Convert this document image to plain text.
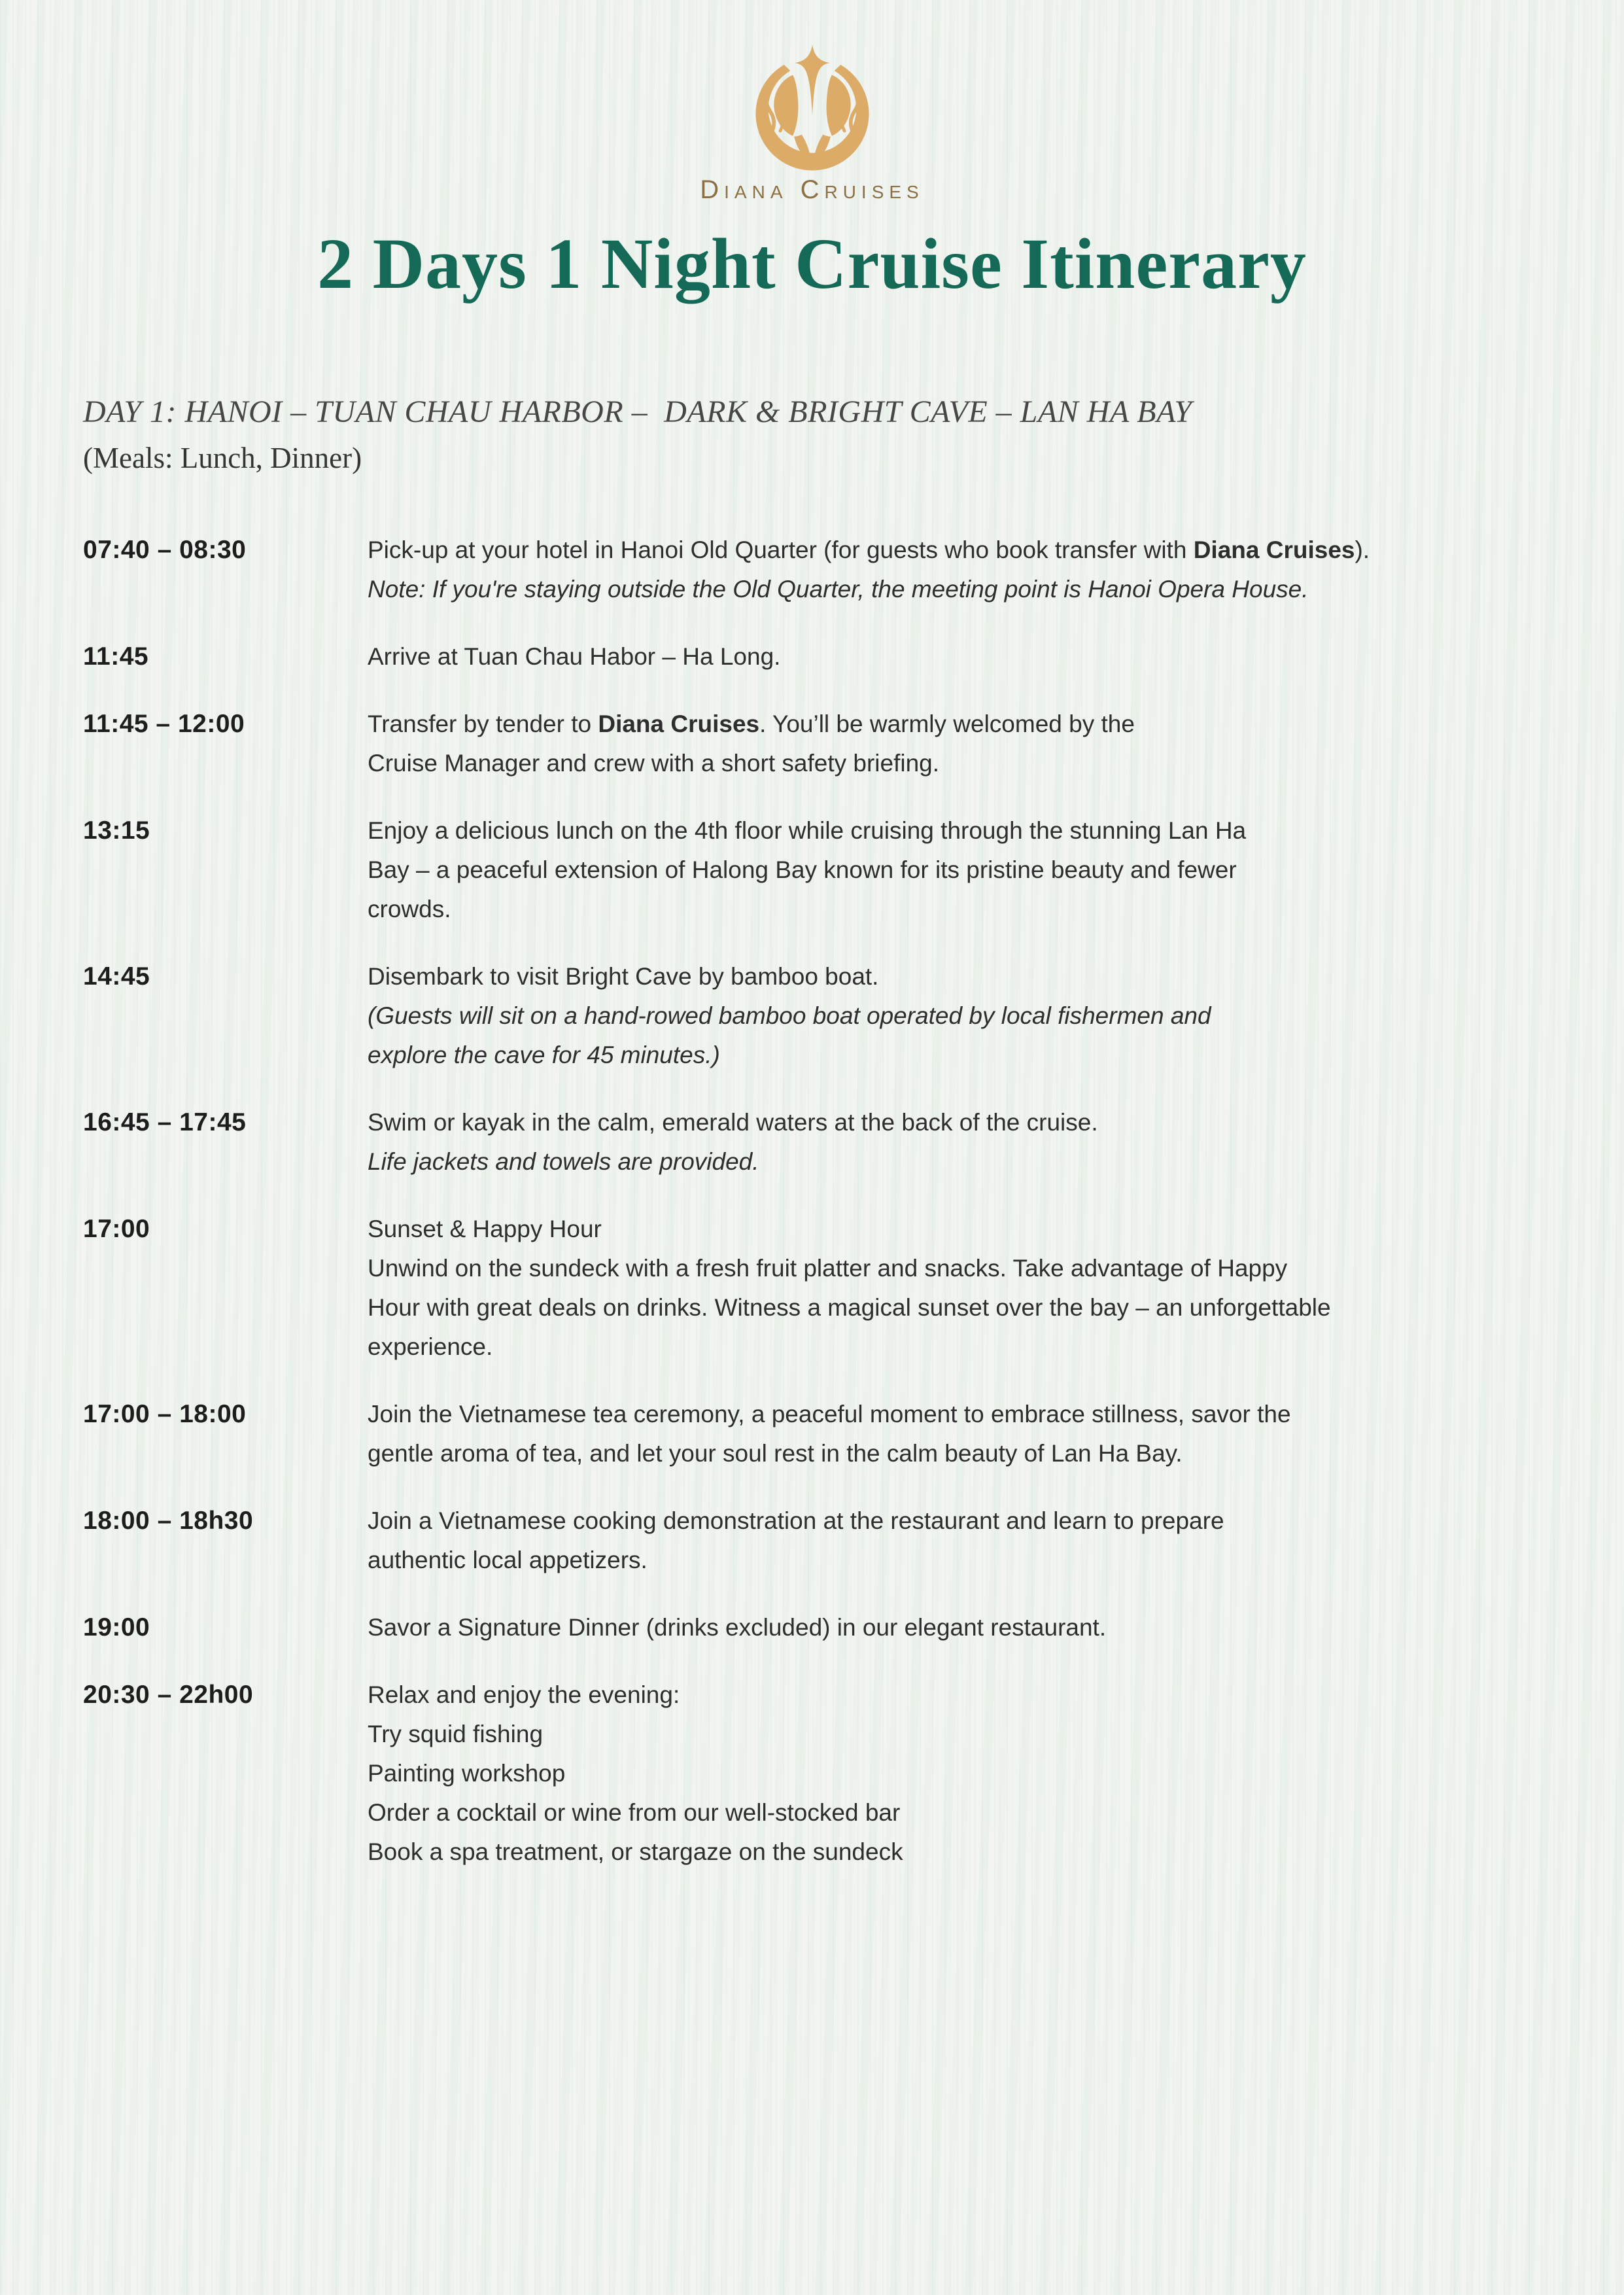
Diana Cruises
2 Days 1 Night Cruise Itinerary
DAY 1: HANOI – TUAN CHAU HARBOR –  DARK & BRIGHT CAVE – LAN HA BAY
(Meals: Lunch, Dinner)
07:40 – 08:30	Pick-up at your hotel in Hanoi Old Quarter (for guests who book transfer with Diana Cruises).
Note: If you're staying outside the Old Quarter, the meeting point is Hanoi Opera House.
11:45	Arrive at Tuan Chau Habor – Ha Long.
11:45 – 12:00	Transfer by tender to Diana Cruises. You’ll be warmly welcomed by the
Cruise Manager and crew with a short safety briefing.
13:15	Enjoy a delicious lunch on the 4th floor while cruising through the stunning Lan Ha
Bay – a peaceful extension of Halong Bay known for its pristine beauty and fewer
crowds.
14:45	Disembark to visit Bright Cave by bamboo boat.
(Guests will sit on a hand-rowed bamboo boat operated by local fishermen and
explore the cave for 45 minutes.)
16:45 – 17:45	Swim or kayak in the calm, emerald waters at the back of the cruise.
Life jackets and towels are provided.
17:00	Sunset & Happy Hour
Unwind on the sundeck with a fresh fruit platter and snacks. Take advantage of Happy
Hour with great deals on drinks. Witness a magical sunset over the bay – an unforgettable
experience.
17:00 – 18:00	Join the Vietnamese tea ceremony, a peaceful moment to embrace stillness, savor the
gentle aroma of tea, and let your soul rest in the calm beauty of Lan Ha Bay.
18:00 – 18h30	Join a Vietnamese cooking demonstration at the restaurant and learn to prepare
authentic local appetizers.
19:00	Savor a Signature Dinner (drinks excluded) in our elegant restaurant.
20:30 – 22h00	Relax and enjoy the evening:
Try squid fishing
Painting workshop
Order a cocktail or wine from our well-stocked bar
Book a spa treatment, or stargaze on the sundeck
